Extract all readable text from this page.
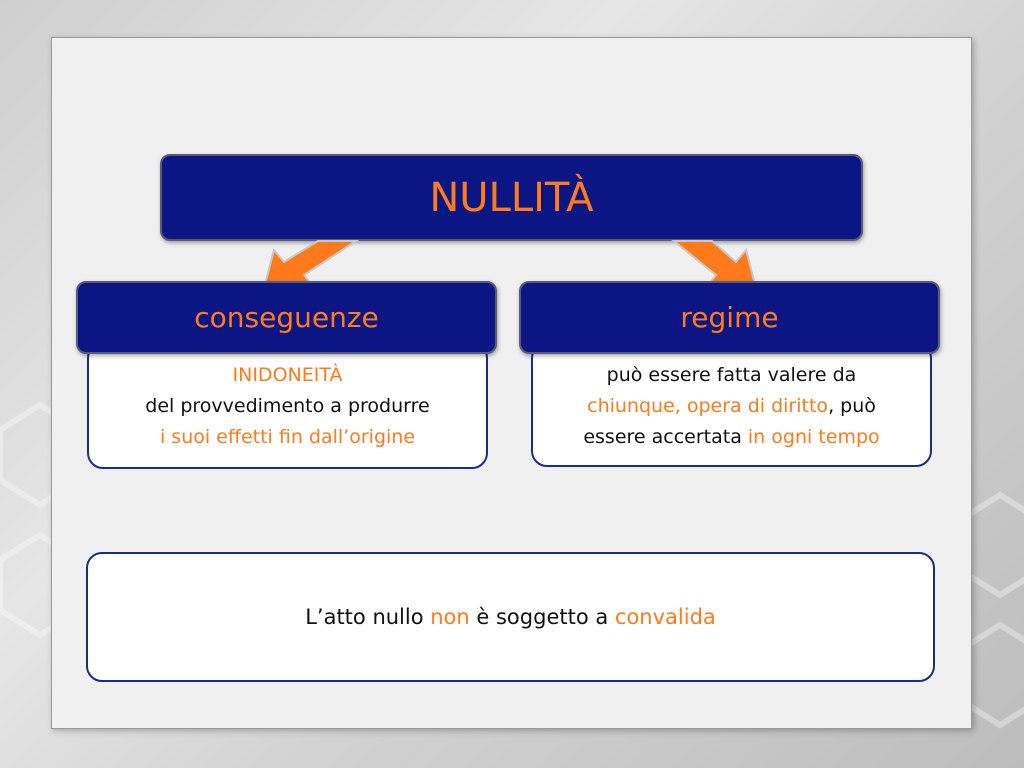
NULLITÀ
INIDONEITÀ
del provvedimento a produrre
i suoi effetti fin dall’origine
può essere fatta valere da
chiunque, opera di diritto, può
essere accertata in ogni tempo
conseguenze	regime
L’atto nullo non è soggetto a convalida
